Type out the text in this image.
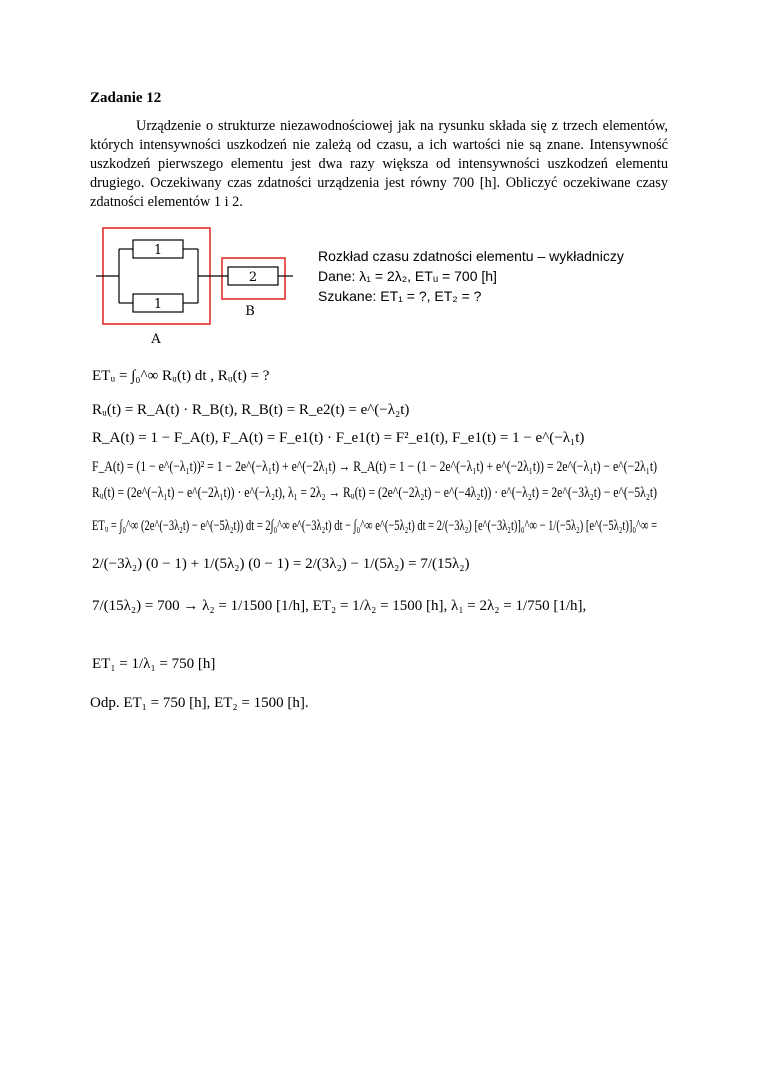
Zadanie 12

Urządzenie o strukturze niezawodnościowej jak na rysunku składa się z trzech elementów, których intensywności uszkodzeń nie zależą od czasu, a ich wartości nie są znane. Intensywność uszkodzeń pierwszego elementu jest dwa razy większa od intensywności uszkodzeń elementu drugiego. Oczekiwany czas zdatności urządzenia jest równy 700 [h]. Obliczyć oczekiwane czasy zdatności elementów 1 i 2.

1
1
2
A
B
Rozkład czasu zdatności elementu – wykładniczy
Dane: λ₁ = 2λ₂, ETᵤ = 700 [h]
Szukane: ET₁ = ?, ET₂ = ?
ETᵤ = ∫₀^∞ Rᵤ(t) dt , Rᵤ(t) = ?
Rᵤ(t) = R_A(t) · R_B(t), R_B(t) = R_e2(t) = e^(−λ₂t)
R_A(t) = 1 − F_A(t), F_A(t) = F_e1(t) · F_e1(t) = F²_e1(t), F_e1(t) = 1 − e^(−λ₁t)
F_A(t) = (1 − e^(−λ₁t))² = 1 − 2e^(−λ₁t) + e^(−2λ₁t) → R_A(t) = 1 − (1 − 2e^(−λ₁t) + e^(−2λ₁t)) = 2e^(−λ₁t) − e^(−2λ₁t)
Rᵤ(t) = (2e^(−λ₁t) − e^(−2λ₁t)) · e^(−λ₂t), λ₁ = 2λ₂ → Rᵤ(t) = (2e^(−2λ₂t) − e^(−4λ₂t)) · e^(−λ₂t) = 2e^(−3λ₂t) − e^(−5λ₂t)
ETᵤ = ∫₀^∞ (2e^(−3λ₂t) − e^(−5λ₂t)) dt = 2∫₀^∞ e^(−3λ₂t) dt − ∫₀^∞ e^(−5λ₂t) dt = 2/(−3λ₂) [e^(−3λ₂t)]₀^∞ − 1/(−5λ₂) [e^(−5λ₂t)]₀^∞ =
2/(−3λ₂) (0 − 1) + 1/(5λ₂) (0 − 1) = 2/(3λ₂) − 1/(5λ₂) = 7/(15λ₂)
7/(15λ₂) = 700 → λ₂ = 1/1500 [1/h], ET₂ = 1/λ₂ = 1500 [h], λ₁ = 2λ₂ = 1/750 [1/h],
ET₁ = 1/λ₁ = 750 [h]
Odp. ET₁ = 750 [h], ET₂ = 1500 [h].
